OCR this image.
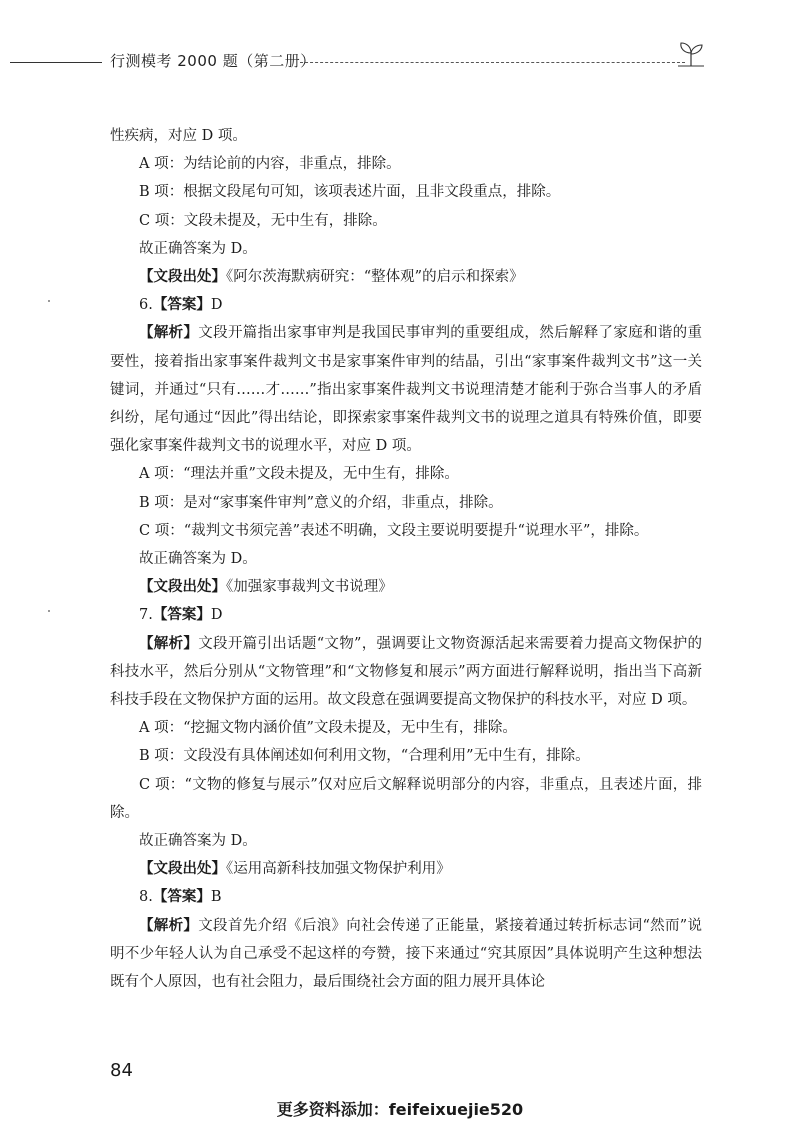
行测模考 2000 题（第二册）
性疾病，对应 D 项。
A 项：为结论前的内容，非重点，排除。
B 项：根据文段尾句可知，该项表述片面，且非文段重点，排除。
C 项：文段未提及，无中生有，排除。
故正确答案为 D。
【文段出处】《阿尔茨海默病研究：“整体观”的启示和探索》
6.【答案】D
【解析】文段开篇指出家事审判是我国民事审判的重要组成，然后解释了家庭和谐的重要性，接着指出家事案件裁判文书是家事案件审判的结晶，引出“家事案件裁判文书”这一关键词，并通过“只有……才……”指出家事案件裁判文书说理清楚才能利于弥合当事人的矛盾纠纷，尾句通过“因此”得出结论，即探索家事案件裁判文书的说理之道具有特殊价值，即要强化家事案件裁判文书的说理水平，对应 D 项。
A 项：“理法并重”文段未提及，无中生有，排除。
B 项：是对“家事案件审判”意义的介绍，非重点，排除。
C 项：“裁判文书须完善”表述不明确，文段主要说明要提升“说理水平”，排除。
故正确答案为 D。
【文段出处】《加强家事裁判文书说理》
7.【答案】D
【解析】文段开篇引出话题“文物”，强调要让文物资源活起来需要着力提高文物保护的科技水平，然后分别从“文物管理”和“文物修复和展示”两方面进行解释说明，指出当下高新科技手段在文物保护方面的运用。故文段意在强调要提高文物保护的科技水平，对应 D 项。
A 项：“挖掘文物内涵价值”文段未提及，无中生有，排除。
B 项：文段没有具体阐述如何利用文物，“合理利用”无中生有，排除。
C 项：“文物的修复与展示”仅对应后文解释说明部分的内容，非重点，且表述片面，排除。
故正确答案为 D。
【文段出处】《运用高新科技加强文物保护利用》
8.【答案】B
【解析】文段首先介绍《后浪》向社会传递了正能量，紧接着通过转折标志词“然而”说明不少年轻人认为自己承受不起这样的夸赞，接下来通过“究其原因”具体说明产生这种想法既有个人原因，也有社会阻力，最后围绕社会方面的阻力展开具体论
84
更多资料添加：feifeixuejie520
